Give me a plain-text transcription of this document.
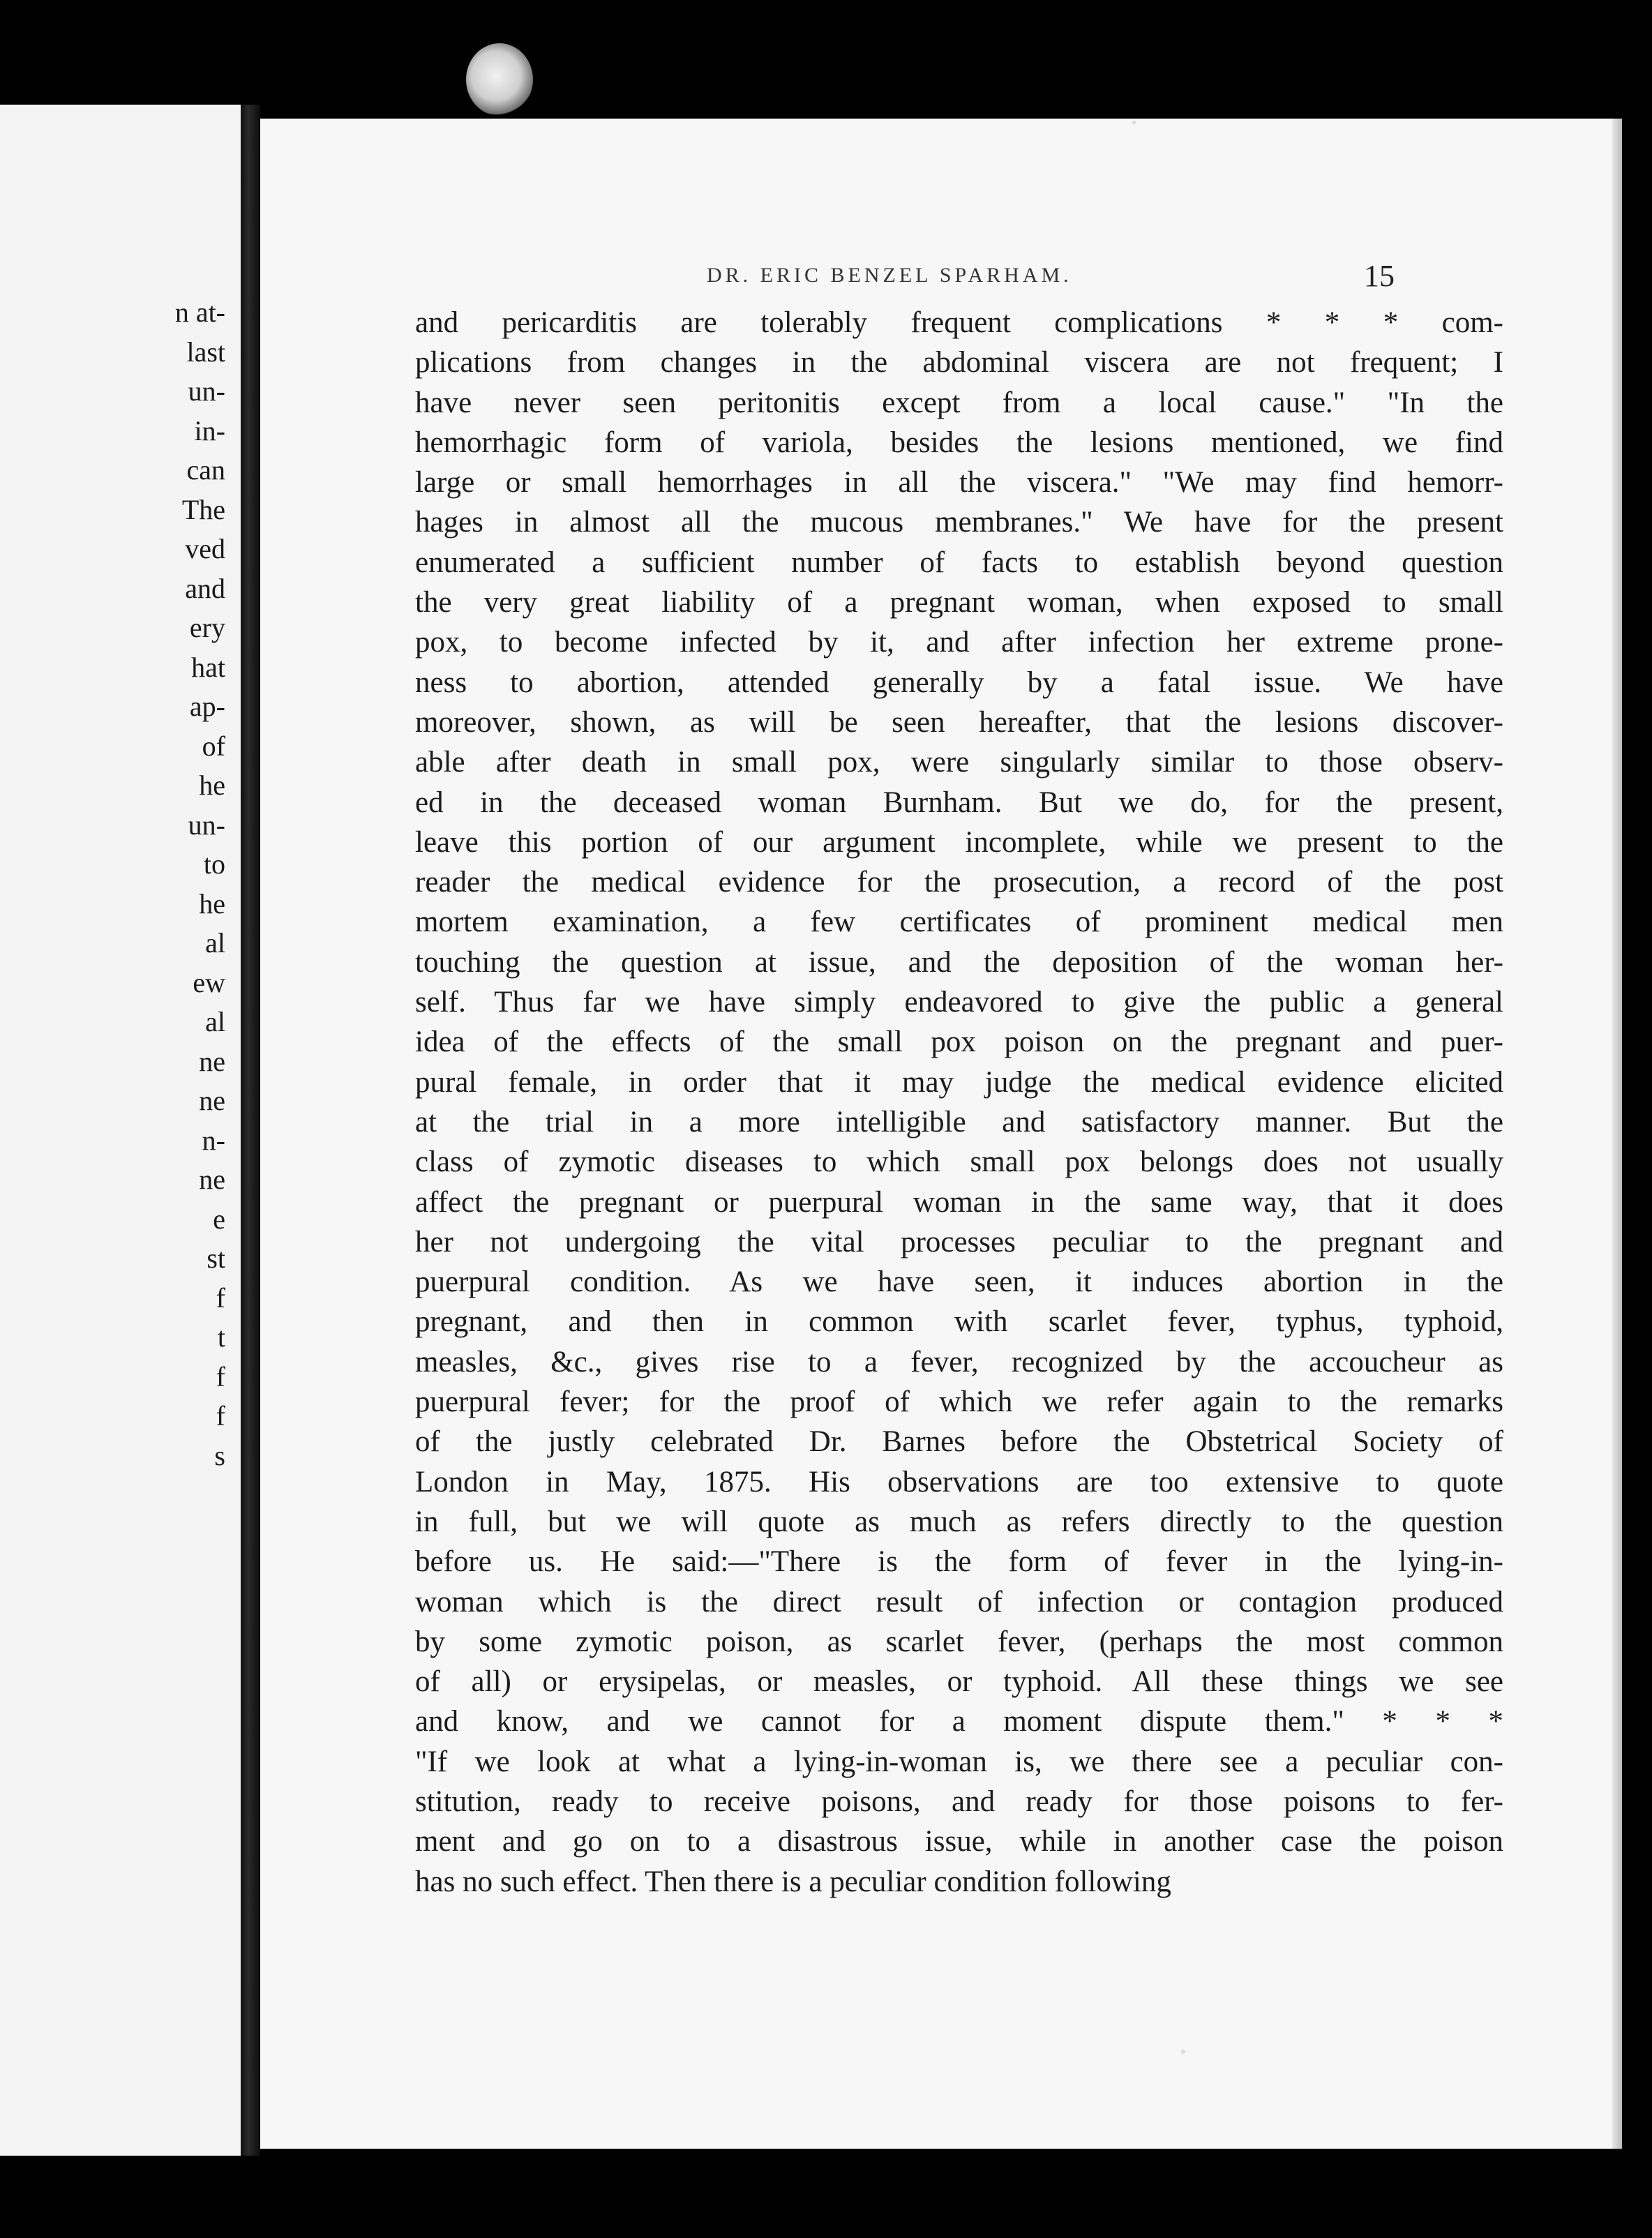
n at-
last
un-
in-
can
The
ved
and
ery
hat
ap-
of
he
un-
to
he
al
ew
al
ne
ne
n-
ne
e
st
f
t
f
f
s
DR. ERIC BENZEL SPARHAM.	15
and pericarditis are tolerably frequent complications * * * com-
plications from changes in the abdominal viscera are not frequent; I
have never seen peritonitis except from a local cause." "In the
hemorrhagic form of variola, besides the lesions mentioned, we find
large or small hemorrhages in all the viscera." "We may find hemorr-
hages in almost all the mucous membranes." We have for the present
enumerated a sufficient number of facts to establish beyond question
the very great liability of a pregnant woman, when exposed to small
pox, to become infected by it, and after infection her extreme prone-
ness to abortion, attended generally by a fatal issue. We have
moreover, shown, as will be seen hereafter, that the lesions discover-
able after death in small pox, were singularly similar to those observ-
ed in the deceased woman Burnham. But we do, for the present,
leave this portion of our argument incomplete, while we present to the
reader the medical evidence for the prosecution, a record of the post
mortem examination, a few certificates of prominent medical men
touching the question at issue, and the deposition of the woman her-
self. Thus far we have simply endeavored to give the public a general
idea of the effects of the small pox poison on the pregnant and puer-
pural female, in order that it may judge the medical evidence elicited
at the trial in a more intelligible and satisfactory manner. But the
class of zymotic diseases to which small pox belongs does not usually
affect the pregnant or puerpural woman in the same way, that it does
her not undergoing the vital processes peculiar to the pregnant and
puerpural condition. As we have seen, it induces abortion in the
pregnant, and then in common with scarlet fever, typhus, typhoid,
measles, &c., gives rise to a fever, recognized by the accoucheur as
puerpural fever; for the proof of which we refer again to the remarks
of the justly celebrated Dr. Barnes before the Obstetrical Society of
London in May, 1875. His observations are too extensive to quote
in full, but we will quote as much as refers directly to the question
before us. He said:—"There is the form of fever in the lying-in-
woman which is the direct result of infection or contagion produced
by some zymotic poison, as scarlet fever, (perhaps the most common
of all) or erysipelas, or measles, or typhoid. All these things we see
and know, and we cannot for a moment dispute them." * * *
"If we look at what a lying-in-woman is, we there see a peculiar con-
stitution, ready to receive poisons, and ready for those poisons to fer-
ment and go on to a disastrous issue, while in another case the poison
has no such effect. Then there is a peculiar condition following
